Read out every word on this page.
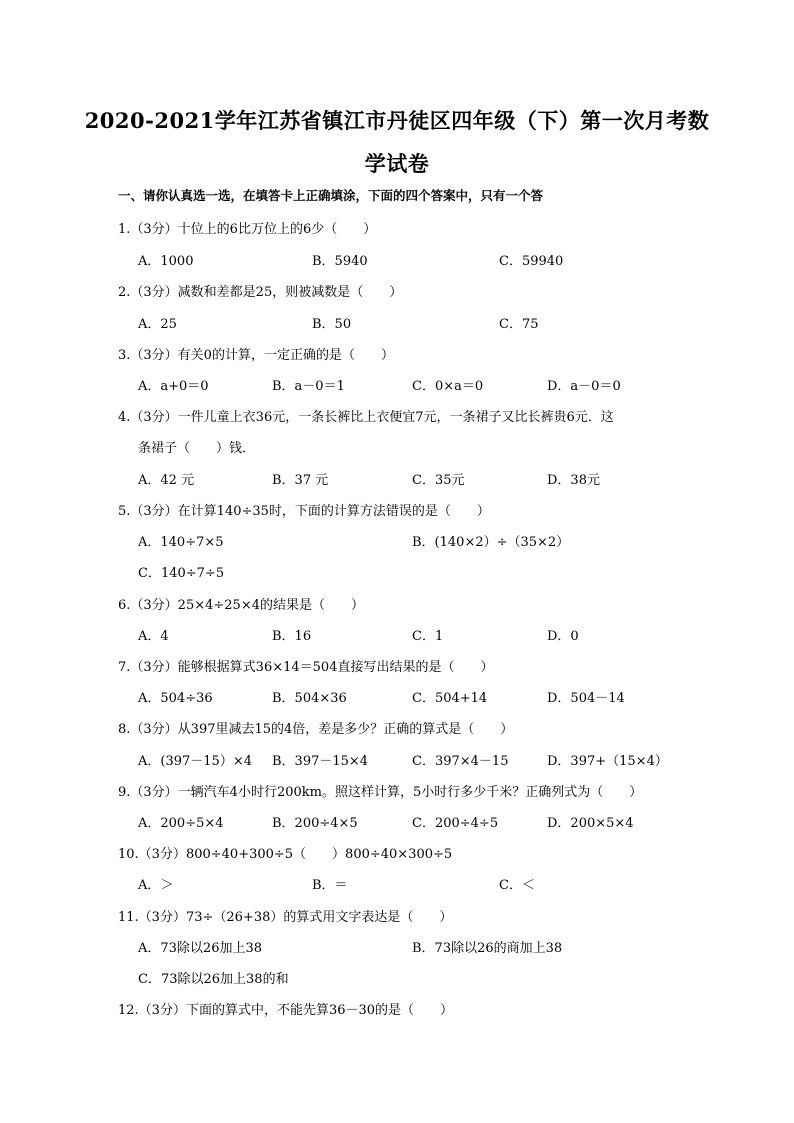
2020-2021学年江苏省镇江市丹徒区四年级（下）第一次月考数
学试卷
一、请你认真选一选，在填答卡上正确填涂，下面的四个答案中，只有一个答
1.（3分）十位上的6比万位上的6少（　　）
A．1000	B．5940	C．59940
2.（3分）减数和差都是25，则被减数是（　　）
A．25	B．50	C．75
3.（3分）有关0的计算，一定正确的是（　　）
A．a+0＝0	B．a－0＝1	C．0×a＝0	D．a－0＝0
4.（3分）一件儿童上衣36元，一条长裤比上衣便宜7元，一条裙子又比长裤贵6元．这
条裙子（　　）钱．
A．42 元	B．37 元	C．35元	D．38元
5.（3分）在计算140÷35时，下面的计算方法错误的是（　　）
A．140÷7×5	B．(140×2）÷（35×2）
C．140÷7÷5
6.（3分）25×4÷25×4的结果是（　　）
A．4	B．16	C．1	D．0
7.（3分）能够根据算式36×14＝504直接写出结果的是（　　）
A．504÷36	B．504×36	C．504+14	D．504－14
8.（3分）从397里减去15的4倍，差是多少？正确的算式是（　　）
A．(397－15）×4 B．397－15×4	C．397×4－15	D．397+（15×4）
9.（3分）一辆汽车4小时行200km。照这样计算，5小时行多少千米？正确列式为（　　）
A．200÷5×4	B．200÷4×5	C．200÷4÷5	D．200×5×4
10.（3分）800÷40+300÷5（　　）800÷40×300÷5
A．＞	B．＝	C．＜
11.（3分）73÷（26+38）的算式用文字表达是（　　）
A．73除以26加上38	B．73除以26的商加上38
C．73除以26加上38的和
12.（3分）下面的算式中，不能先算36－30的是（　　）
